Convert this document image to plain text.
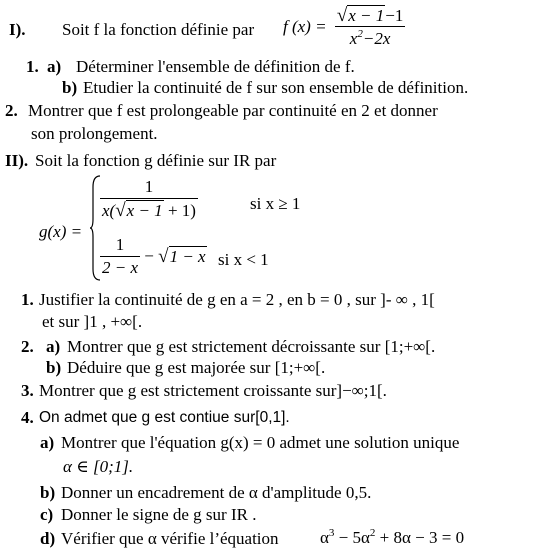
I). Soit f la fonction définie par f $(x) = \frac{√x - 1-1}{x^2-2x}$
1. a) Déterminer l'ensemble de définition de f.
b) Etudier la continuité de f sur son ensemble de définition.
2. Montrer que f est prolongeable par continuité en 2 et donner
son prolongement.
II). Soit la fonction g définie sur IR par
g(x) =
$\frac{1}{x(√x - 1 + 1)}$	si x ≥ 1
$\frac{1}{2 - x} - √1 - x$ si x < 1
1. Justifier la continuité de g en a = 2 , en b = 0 , sur ]- ∞ , 1[
et sur ]1 , +∞[.
2. a) Montrer que g est strictement décroissante sur [1;+∞[.
b) Déduire que g est majorée sur [1;+∞[.
3. Montrer que g est strictement croissante sur]−∞;1[.
4. On admet que g est contiue sur[0,1].
a) Montrer que l'équation g(x) = 0 admet une solution unique
α ∈ [0;1].
b) Donner un encadrement de α d'amplitude 0,5.
c) Donner le signe de g sur IR .
d) Vérifier que α vérifie l’équation $\alpha^3 - 5\alpha^2 + 8\alpha - 3 = 0$
